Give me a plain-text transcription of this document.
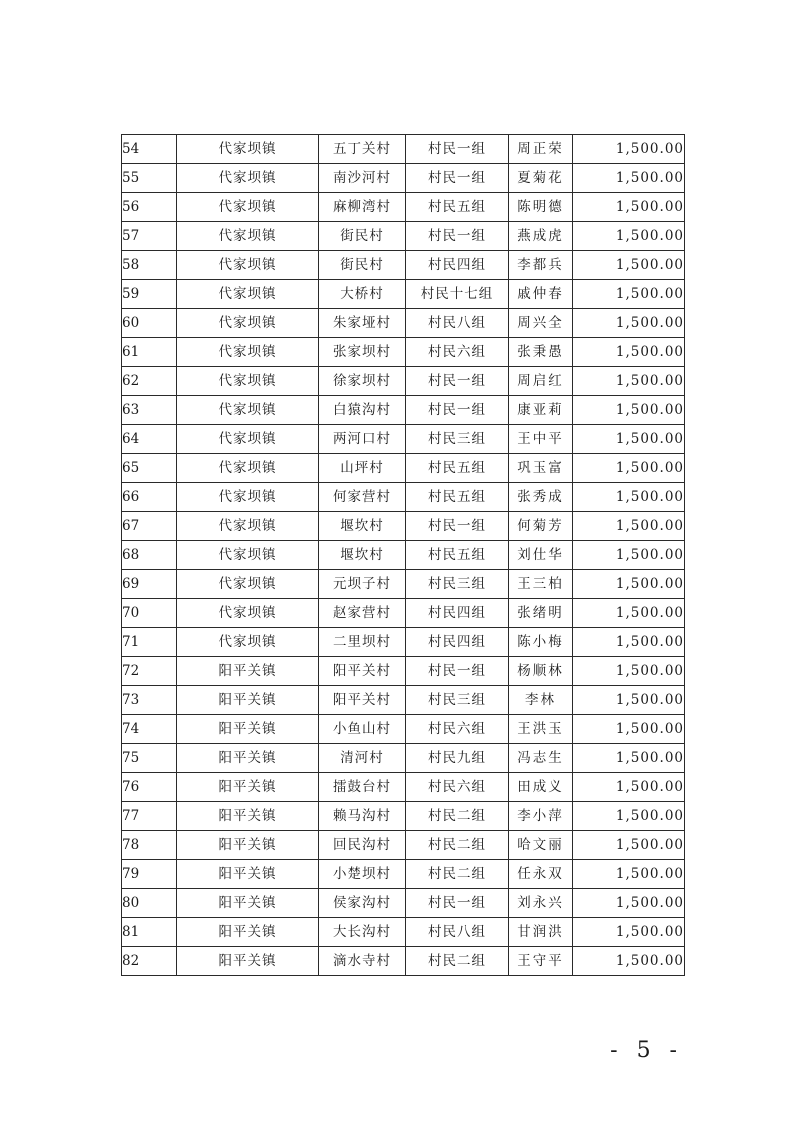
54	代家坝镇	五丁关村	村民一组	周正荣	1,500.00
55	代家坝镇	南沙河村	村民一组	夏菊花	1,500.00
56	代家坝镇	麻柳湾村	村民五组	陈明德	1,500.00
57	代家坝镇	街民村	村民一组	燕成虎	1,500.00
58	代家坝镇	街民村	村民四组	李都兵	1,500.00
59	代家坝镇	大桥村	村民十七组	戚仲春	1,500.00
60	代家坝镇	朱家垭村	村民八组	周兴全	1,500.00
61	代家坝镇	张家坝村	村民六组	张秉愚	1,500.00
62	代家坝镇	徐家坝村	村民一组	周启红	1,500.00
63	代家坝镇	白猿沟村	村民一组	康亚莉	1,500.00
64	代家坝镇	两河口村	村民三组	王中平	1,500.00
65	代家坝镇	山坪村	村民五组	巩玉富	1,500.00
66	代家坝镇	何家营村	村民五组	张秀成	1,500.00
67	代家坝镇	堰坎村	村民一组	何菊芳	1,500.00
68	代家坝镇	堰坎村	村民五组	刘仕华	1,500.00
69	代家坝镇	元坝子村	村民三组	王三柏	1,500.00
70	代家坝镇	赵家营村	村民四组	张绪明	1,500.00
71	代家坝镇	二里坝村	村民四组	陈小梅	1,500.00
72	阳平关镇	阳平关村	村民一组	杨顺林	1,500.00
73	阳平关镇	阳平关村	村民三组	李林	1,500.00
74	阳平关镇	小鱼山村	村民六组	王洪玉	1,500.00
75	阳平关镇	清河村	村民九组	冯志生	1,500.00
76	阳平关镇	擂鼓台村	村民六组	田成义	1,500.00
77	阳平关镇	赖马沟村	村民二组	李小萍	1,500.00
78	阳平关镇	回民沟村	村民二组	哈文丽	1,500.00
79	阳平关镇	小楚坝村	村民二组	任永双	1,500.00
80	阳平关镇	侯家沟村	村民一组	刘永兴	1,500.00
81	阳平关镇	大长沟村	村民八组	甘润洪	1,500.00
82	阳平关镇	滴水寺村	村民二组	王守平	1,500.00
- 5 -
